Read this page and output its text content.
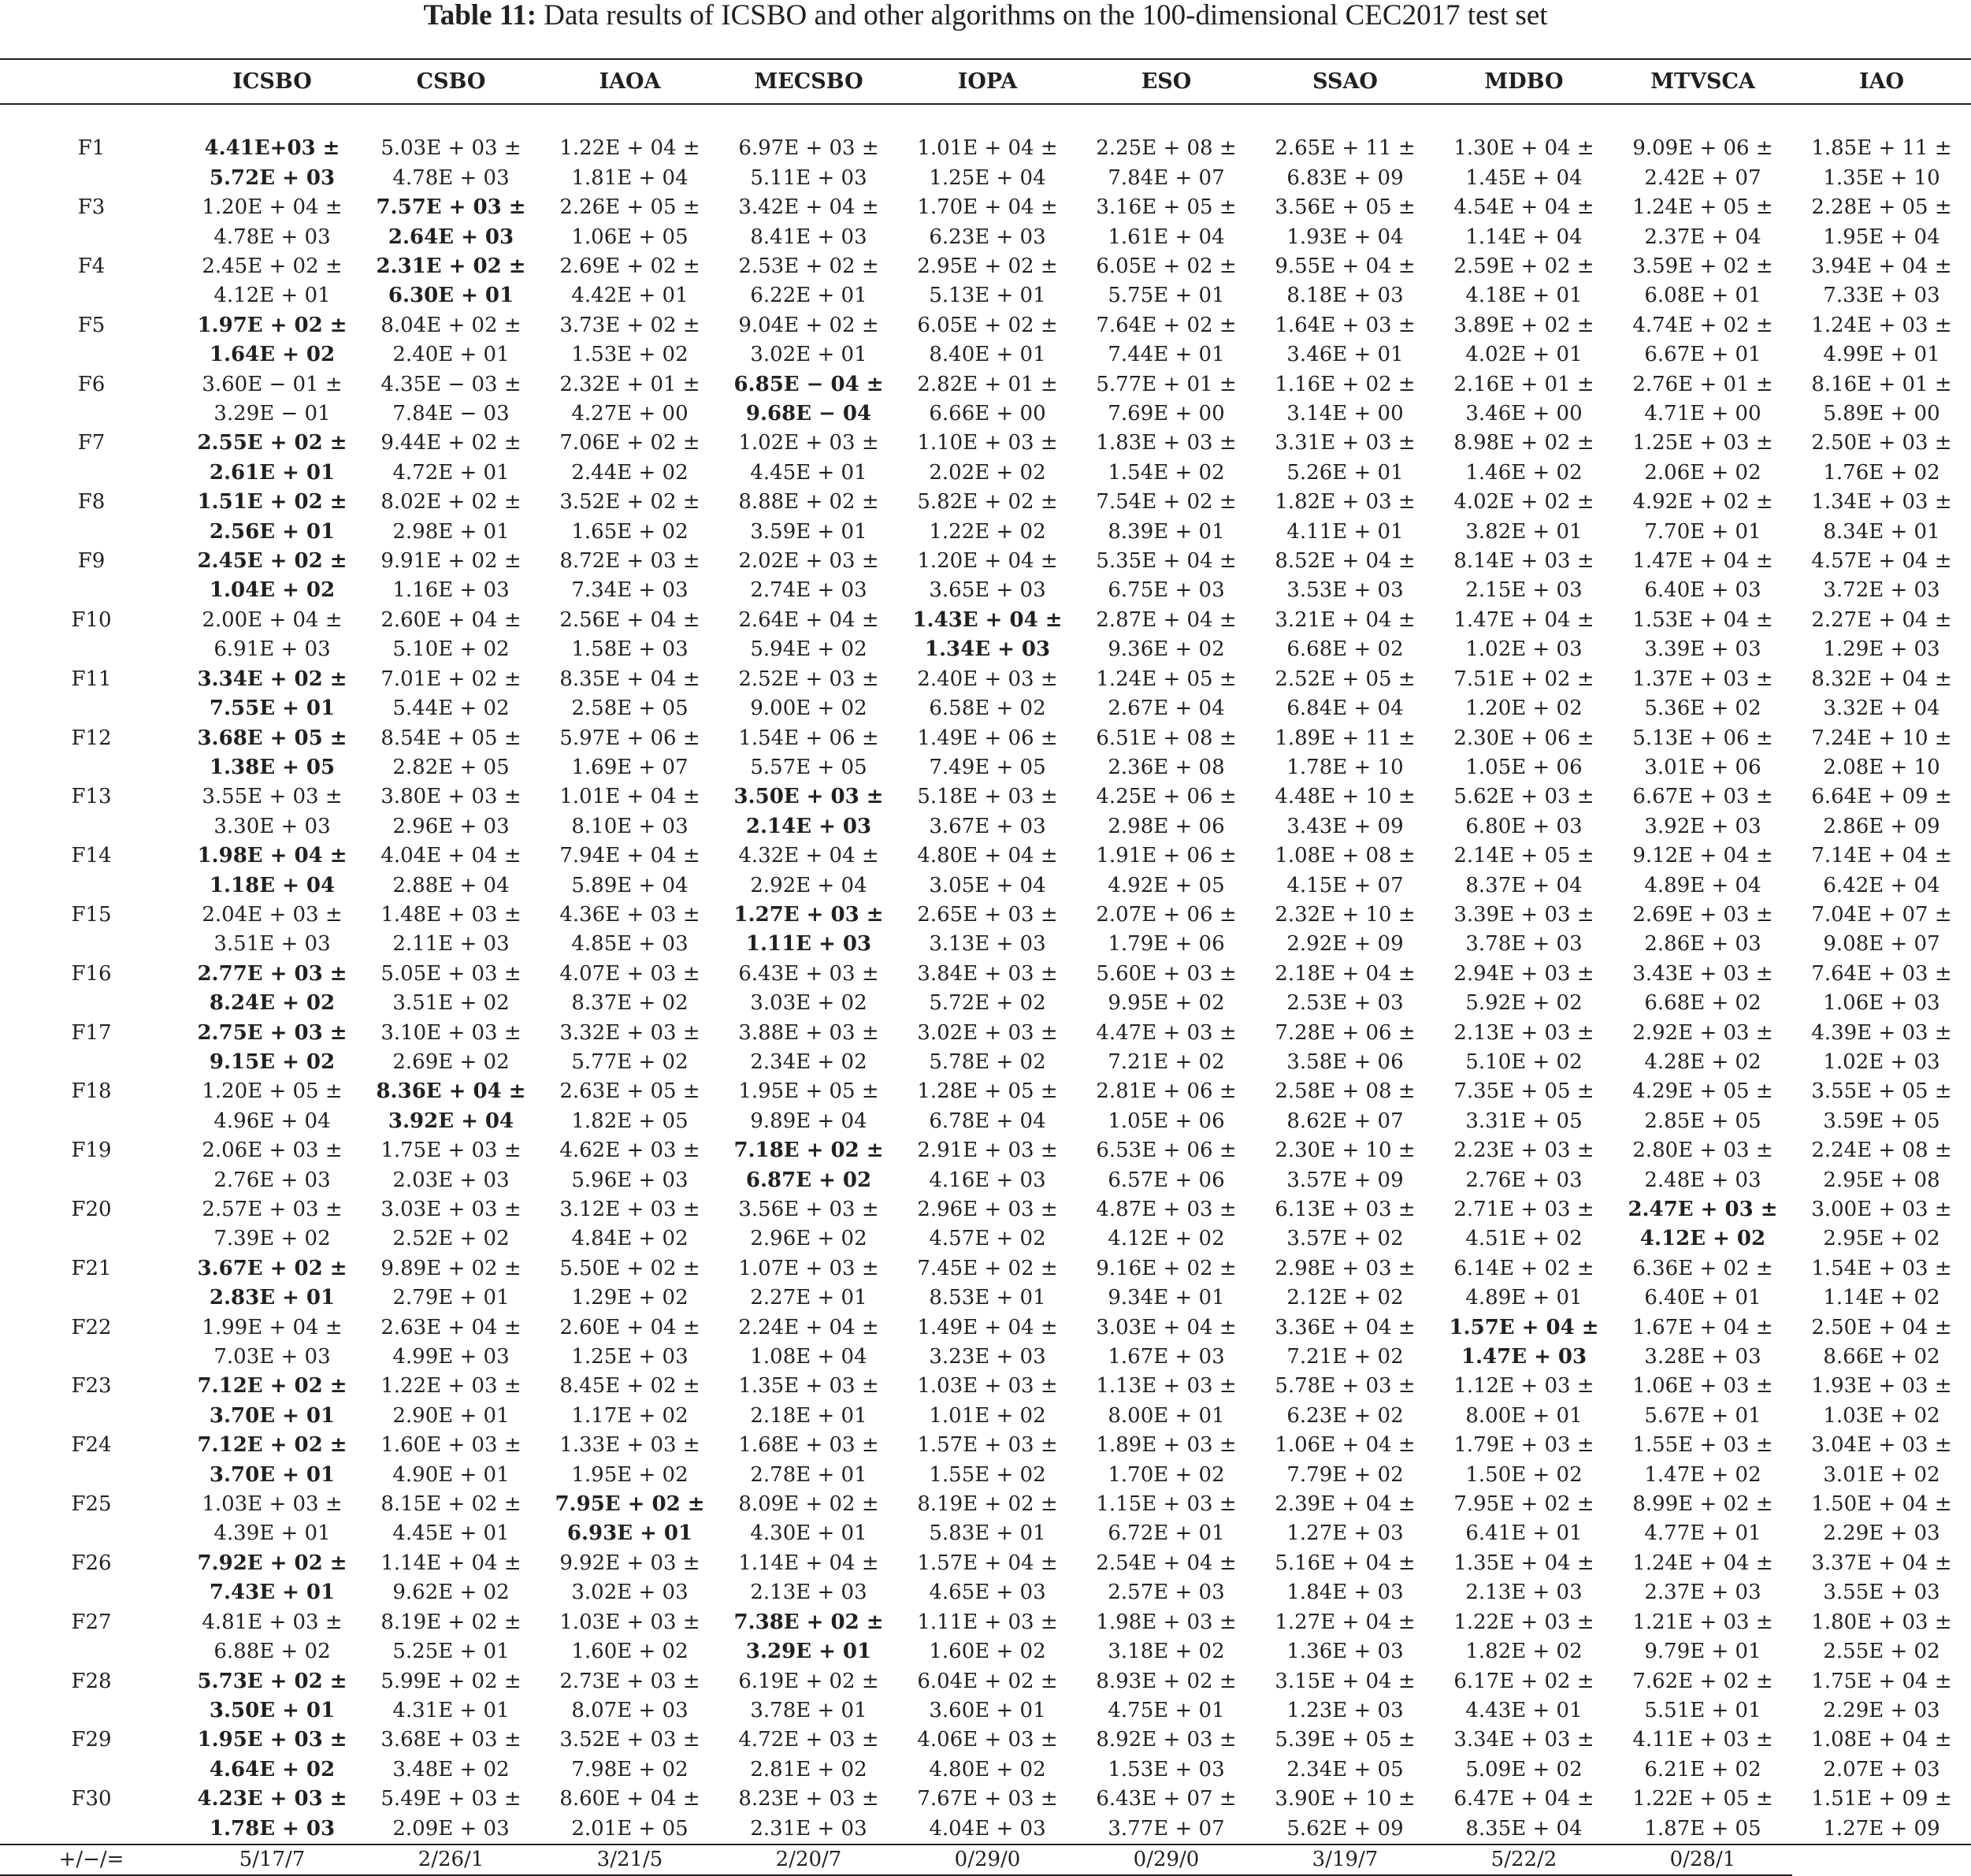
Table 11: Data results of ICSBO and other algorithms on the 100-dimensional CEC2017 test set
	ICSBO	CSBO	IAOA	MECSBO	IOPA	ESO	SSAO	MDBO	MTVSCA	IAO

F1	4.41E+03 ±	5.03E + 03 ±	1.22E + 04 ±	6.97E + 03 ±	1.01E + 04 ±	2.25E + 08 ±	2.65E + 11 ±	1.30E + 04 ±	9.09E + 06 ±	1.85E + 11 ±
	5.72E + 03	4.78E + 03	1.81E + 04	5.11E + 03	1.25E + 04	7.84E + 07	6.83E + 09	1.45E + 04	2.42E + 07	1.35E + 10
F3	1.20E + 04 ±	7.57E + 03 ±	2.26E + 05 ±	3.42E + 04 ±	1.70E + 04 ±	3.16E + 05 ±	3.56E + 05 ±	4.54E + 04 ±	1.24E + 05 ±	2.28E + 05 ±
	4.78E + 03	2.64E + 03	1.06E + 05	8.41E + 03	6.23E + 03	1.61E + 04	1.93E + 04	1.14E + 04	2.37E + 04	1.95E + 04
F4	2.45E + 02 ±	2.31E + 02 ±	2.69E + 02 ±	2.53E + 02 ±	2.95E + 02 ±	6.05E + 02 ±	9.55E + 04 ±	2.59E + 02 ±	3.59E + 02 ±	3.94E + 04 ±
	4.12E + 01	6.30E + 01	4.42E + 01	6.22E + 01	5.13E + 01	5.75E + 01	8.18E + 03	4.18E + 01	6.08E + 01	7.33E + 03
F5	1.97E + 02 ±	8.04E + 02 ±	3.73E + 02 ±	9.04E + 02 ±	6.05E + 02 ±	7.64E + 02 ±	1.64E + 03 ±	3.89E + 02 ±	4.74E + 02 ±	1.24E + 03 ±
	1.64E + 02	2.40E + 01	1.53E + 02	3.02E + 01	8.40E + 01	7.44E + 01	3.46E + 01	4.02E + 01	6.67E + 01	4.99E + 01
F6	3.60E − 01 ±	4.35E − 03 ±	2.32E + 01 ±	6.85E − 04 ±	2.82E + 01 ±	5.77E + 01 ±	1.16E + 02 ±	2.16E + 01 ±	2.76E + 01 ±	8.16E + 01 ±
	3.29E − 01	7.84E − 03	4.27E + 00	9.68E − 04	6.66E + 00	7.69E + 00	3.14E + 00	3.46E + 00	4.71E + 00	5.89E + 00
F7	2.55E + 02 ±	9.44E + 02 ±	7.06E + 02 ±	1.02E + 03 ±	1.10E + 03 ±	1.83E + 03 ±	3.31E + 03 ±	8.98E + 02 ±	1.25E + 03 ±	2.50E + 03 ±
	2.61E + 01	4.72E + 01	2.44E + 02	4.45E + 01	2.02E + 02	1.54E + 02	5.26E + 01	1.46E + 02	2.06E + 02	1.76E + 02
F8	1.51E + 02 ±	8.02E + 02 ±	3.52E + 02 ±	8.88E + 02 ±	5.82E + 02 ±	7.54E + 02 ±	1.82E + 03 ±	4.02E + 02 ±	4.92E + 02 ±	1.34E + 03 ±
	2.56E + 01	2.98E + 01	1.65E + 02	3.59E + 01	1.22E + 02	8.39E + 01	4.11E + 01	3.82E + 01	7.70E + 01	8.34E + 01
F9	2.45E + 02 ±	9.91E + 02 ±	8.72E + 03 ±	2.02E + 03 ±	1.20E + 04 ±	5.35E + 04 ±	8.52E + 04 ±	8.14E + 03 ±	1.47E + 04 ±	4.57E + 04 ±
	1.04E + 02	1.16E + 03	7.34E + 03	2.74E + 03	3.65E + 03	6.75E + 03	3.53E + 03	2.15E + 03	6.40E + 03	3.72E + 03
F10	2.00E + 04 ±	2.60E + 04 ±	2.56E + 04 ±	2.64E + 04 ±	1.43E + 04 ±	2.87E + 04 ±	3.21E + 04 ±	1.47E + 04 ±	1.53E + 04 ±	2.27E + 04 ±
	6.91E + 03	5.10E + 02	1.58E + 03	5.94E + 02	1.34E + 03	9.36E + 02	6.68E + 02	1.02E + 03	3.39E + 03	1.29E + 03
F11	3.34E + 02 ±	7.01E + 02 ±	8.35E + 04 ±	2.52E + 03 ±	2.40E + 03 ±	1.24E + 05 ±	2.52E + 05 ±	7.51E + 02 ±	1.37E + 03 ±	8.32E + 04 ±
	7.55E + 01	5.44E + 02	2.58E + 05	9.00E + 02	6.58E + 02	2.67E + 04	6.84E + 04	1.20E + 02	5.36E + 02	3.32E + 04
F12	3.68E + 05 ±	8.54E + 05 ±	5.97E + 06 ±	1.54E + 06 ±	1.49E + 06 ±	6.51E + 08 ±	1.89E + 11 ±	2.30E + 06 ±	5.13E + 06 ±	7.24E + 10 ±
	1.38E + 05	2.82E + 05	1.69E + 07	5.57E + 05	7.49E + 05	2.36E + 08	1.78E + 10	1.05E + 06	3.01E + 06	2.08E + 10
F13	3.55E + 03 ±	3.80E + 03 ±	1.01E + 04 ±	3.50E + 03 ±	5.18E + 03 ±	4.25E + 06 ±	4.48E + 10 ±	5.62E + 03 ±	6.67E + 03 ±	6.64E + 09 ±
	3.30E + 03	2.96E + 03	8.10E + 03	2.14E + 03	3.67E + 03	2.98E + 06	3.43E + 09	6.80E + 03	3.92E + 03	2.86E + 09
F14	1.98E + 04 ±	4.04E + 04 ±	7.94E + 04 ±	4.32E + 04 ±	4.80E + 04 ±	1.91E + 06 ±	1.08E + 08 ±	2.14E + 05 ±	9.12E + 04 ±	7.14E + 04 ±
	1.18E + 04	2.88E + 04	5.89E + 04	2.92E + 04	3.05E + 04	4.92E + 05	4.15E + 07	8.37E + 04	4.89E + 04	6.42E + 04
F15	2.04E + 03 ±	1.48E + 03 ±	4.36E + 03 ±	1.27E + 03 ±	2.65E + 03 ±	2.07E + 06 ±	2.32E + 10 ±	3.39E + 03 ±	2.69E + 03 ±	7.04E + 07 ±
	3.51E + 03	2.11E + 03	4.85E + 03	1.11E + 03	3.13E + 03	1.79E + 06	2.92E + 09	3.78E + 03	2.86E + 03	9.08E + 07
F16	2.77E + 03 ±	5.05E + 03 ±	4.07E + 03 ±	6.43E + 03 ±	3.84E + 03 ±	5.60E + 03 ±	2.18E + 04 ±	2.94E + 03 ±	3.43E + 03 ±	7.64E + 03 ±
	8.24E + 02	3.51E + 02	8.37E + 02	3.03E + 02	5.72E + 02	9.95E + 02	2.53E + 03	5.92E + 02	6.68E + 02	1.06E + 03
F17	2.75E + 03 ±	3.10E + 03 ±	3.32E + 03 ±	3.88E + 03 ±	3.02E + 03 ±	4.47E + 03 ±	7.28E + 06 ±	2.13E + 03 ±	2.92E + 03 ±	4.39E + 03 ±
	9.15E + 02	2.69E + 02	5.77E + 02	2.34E + 02	5.78E + 02	7.21E + 02	3.58E + 06	5.10E + 02	4.28E + 02	1.02E + 03
F18	1.20E + 05 ±	8.36E + 04 ±	2.63E + 05 ±	1.95E + 05 ±	1.28E + 05 ±	2.81E + 06 ±	2.58E + 08 ±	7.35E + 05 ±	4.29E + 05 ±	3.55E + 05 ±
	4.96E + 04	3.92E + 04	1.82E + 05	9.89E + 04	6.78E + 04	1.05E + 06	8.62E + 07	3.31E + 05	2.85E + 05	3.59E + 05
F19	2.06E + 03 ±	1.75E + 03 ±	4.62E + 03 ±	7.18E + 02 ±	2.91E + 03 ±	6.53E + 06 ±	2.30E + 10 ±	2.23E + 03 ±	2.80E + 03 ±	2.24E + 08 ±
	2.76E + 03	2.03E + 03	5.96E + 03	6.87E + 02	4.16E + 03	6.57E + 06	3.57E + 09	2.76E + 03	2.48E + 03	2.95E + 08
F20	2.57E + 03 ±	3.03E + 03 ±	3.12E + 03 ±	3.56E + 03 ±	2.96E + 03 ±	4.87E + 03 ±	6.13E + 03 ±	2.71E + 03 ±	2.47E + 03 ±	3.00E + 03 ±
	7.39E + 02	2.52E + 02	4.84E + 02	2.96E + 02	4.57E + 02	4.12E + 02	3.57E + 02	4.51E + 02	4.12E + 02	2.95E + 02
F21	3.67E + 02 ±	9.89E + 02 ±	5.50E + 02 ±	1.07E + 03 ±	7.45E + 02 ±	9.16E + 02 ±	2.98E + 03 ±	6.14E + 02 ±	6.36E + 02 ±	1.54E + 03 ±
	2.83E + 01	2.79E + 01	1.29E + 02	2.27E + 01	8.53E + 01	9.34E + 01	2.12E + 02	4.89E + 01	6.40E + 01	1.14E + 02
F22	1.99E + 04 ±	2.63E + 04 ±	2.60E + 04 ±	2.24E + 04 ±	1.49E + 04 ±	3.03E + 04 ±	3.36E + 04 ±	1.57E + 04 ±	1.67E + 04 ±	2.50E + 04 ±
	7.03E + 03	4.99E + 03	1.25E + 03	1.08E + 04	3.23E + 03	1.67E + 03	7.21E + 02	1.47E + 03	3.28E + 03	8.66E + 02
F23	7.12E + 02 ±	1.22E + 03 ±	8.45E + 02 ±	1.35E + 03 ±	1.03E + 03 ±	1.13E + 03 ±	5.78E + 03 ±	1.12E + 03 ±	1.06E + 03 ±	1.93E + 03 ±
	3.70E + 01	2.90E + 01	1.17E + 02	2.18E + 01	1.01E + 02	8.00E + 01	6.23E + 02	8.00E + 01	5.67E + 01	1.03E + 02
F24	7.12E + 02 ±	1.60E + 03 ±	1.33E + 03 ±	1.68E + 03 ±	1.57E + 03 ±	1.89E + 03 ±	1.06E + 04 ±	1.79E + 03 ±	1.55E + 03 ±	3.04E + 03 ±
	3.70E + 01	4.90E + 01	1.95E + 02	2.78E + 01	1.55E + 02	1.70E + 02	7.79E + 02	1.50E + 02	1.47E + 02	3.01E + 02
F25	1.03E + 03 ±	8.15E + 02 ±	7.95E + 02 ±	8.09E + 02 ±	8.19E + 02 ±	1.15E + 03 ±	2.39E + 04 ±	7.95E + 02 ±	8.99E + 02 ±	1.50E + 04 ±
	4.39E + 01	4.45E + 01	6.93E + 01	4.30E + 01	5.83E + 01	6.72E + 01	1.27E + 03	6.41E + 01	4.77E + 01	2.29E + 03
F26	7.92E + 02 ±	1.14E + 04 ±	9.92E + 03 ±	1.14E + 04 ±	1.57E + 04 ±	2.54E + 04 ±	5.16E + 04 ±	1.35E + 04 ±	1.24E + 04 ±	3.37E + 04 ±
	7.43E + 01	9.62E + 02	3.02E + 03	2.13E + 03	4.65E + 03	2.57E + 03	1.84E + 03	2.13E + 03	2.37E + 03	3.55E + 03
F27	4.81E + 03 ±	8.19E + 02 ±	1.03E + 03 ±	7.38E + 02 ±	1.11E + 03 ±	1.98E + 03 ±	1.27E + 04 ±	1.22E + 03 ±	1.21E + 03 ±	1.80E + 03 ±
	6.88E + 02	5.25E + 01	1.60E + 02	3.29E + 01	1.60E + 02	3.18E + 02	1.36E + 03	1.82E + 02	9.79E + 01	2.55E + 02
F28	5.73E + 02 ±	5.99E + 02 ±	2.73E + 03 ±	6.19E + 02 ±	6.04E + 02 ±	8.93E + 02 ±	3.15E + 04 ±	6.17E + 02 ±	7.62E + 02 ±	1.75E + 04 ±
	3.50E + 01	4.31E + 01	8.07E + 03	3.78E + 01	3.60E + 01	4.75E + 01	1.23E + 03	4.43E + 01	5.51E + 01	2.29E + 03
F29	1.95E + 03 ±	3.68E + 03 ±	3.52E + 03 ±	4.72E + 03 ±	4.06E + 03 ±	8.92E + 03 ±	5.39E + 05 ±	3.34E + 03 ±	4.11E + 03 ±	1.08E + 04 ±
	4.64E + 02	3.48E + 02	7.98E + 02	2.81E + 02	4.80E + 02	1.53E + 03	2.34E + 05	5.09E + 02	6.21E + 02	2.07E + 03
F30	4.23E + 03 ±	5.49E + 03 ±	8.60E + 04 ±	8.23E + 03 ±	7.67E + 03 ±	6.43E + 07 ±	3.90E + 10 ±	6.47E + 04 ±	1.22E + 05 ±	1.51E + 09 ±
	1.78E + 03	2.09E + 03	2.01E + 05	2.31E + 03	4.04E + 03	3.77E + 07	5.62E + 09	8.35E + 04	1.87E + 05	1.27E + 09
+/−/=	5/17/7	2/26/1	3/21/5	2/20/7	0/29/0	0/29/0	3/19/7	5/22/2	0/28/1	
